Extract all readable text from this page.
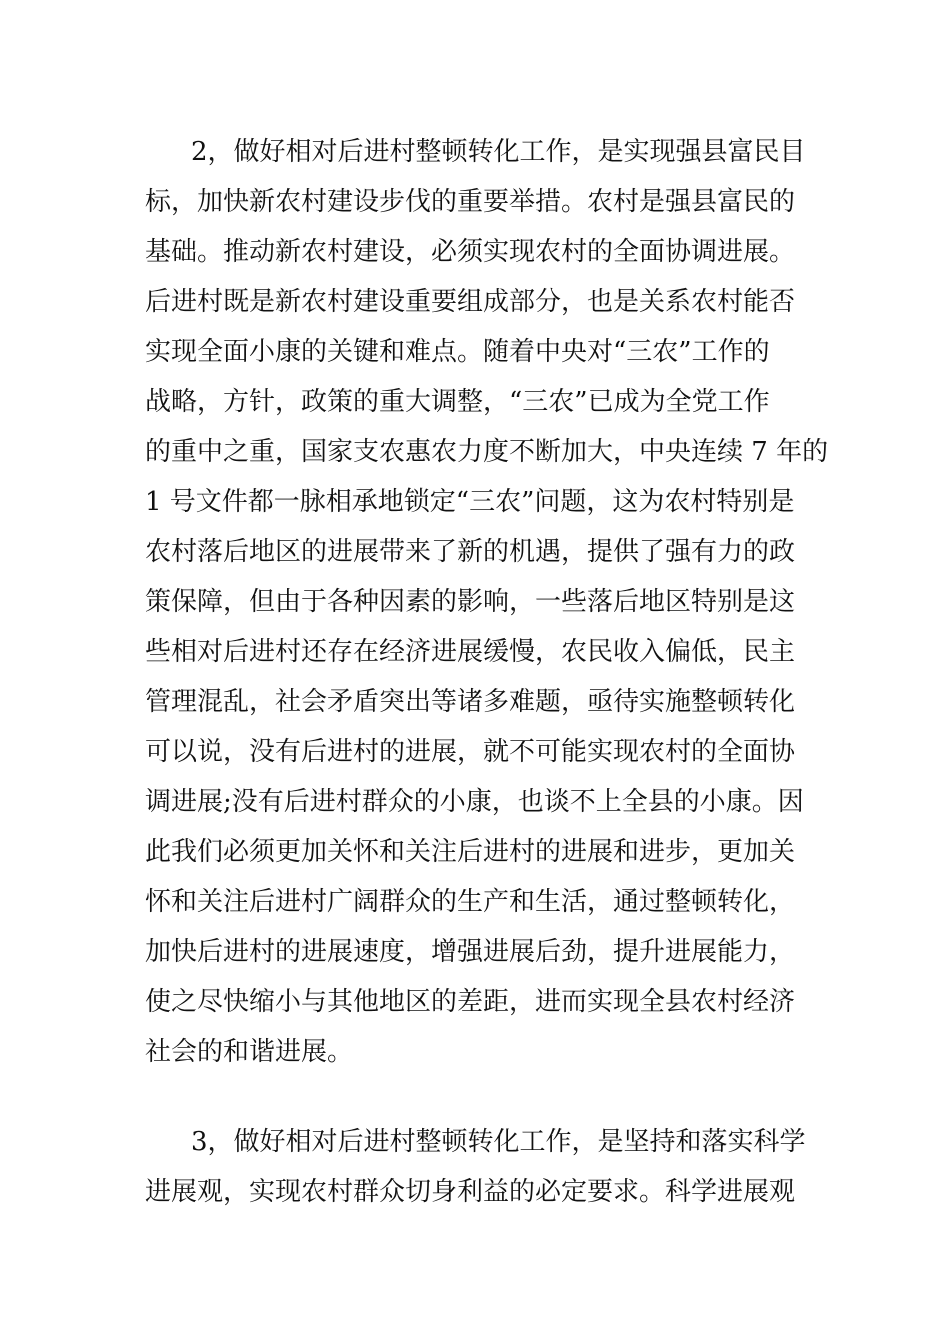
2，做好相对后进村整顿转化工作，是实现强县富民目
标，加快新农村建设步伐的重要举措。农村是强县富民的
基础。推动新农村建设，必须实现农村的全面协调进展。
后进村既是新农村建设重要组成部分，也是关系农村能否
实现全面小康的关键和难点。随着中央对“三农”工作的
战略，方针，政策的重大调整，“三农”已成为全党工作
的重中之重，国家支农惠农力度不断加大，中央连续 7 年的
1 号文件都一脉相承地锁定“三农”问题，这为农村特别是
农村落后地区的进展带来了新的机遇，提供了强有力的政
策保障，但由于各种因素的影响，一些落后地区特别是这
些相对后进村还存在经济进展缓慢，农民收入偏低，民主
管理混乱，社会矛盾突出等诸多难题，亟待实施整顿转化
可以说，没有后进村的进展，就不可能实现农村的全面协
调进展;没有后进村群众的小康，也谈不上全县的小康。因
此我们必须更加关怀和关注后进村的进展和进步，更加关
怀和关注后进村广阔群众的生产和生活，通过整顿转化，
加快后进村的进展速度，增强进展后劲，提升进展能力，
使之尽快缩小与其他地区的差距，进而实现全县农村经济
社会的和谐进展。
3，做好相对后进村整顿转化工作，是坚持和落实科学
进展观，实现农村群众切身利益的必定要求。科学进展观
